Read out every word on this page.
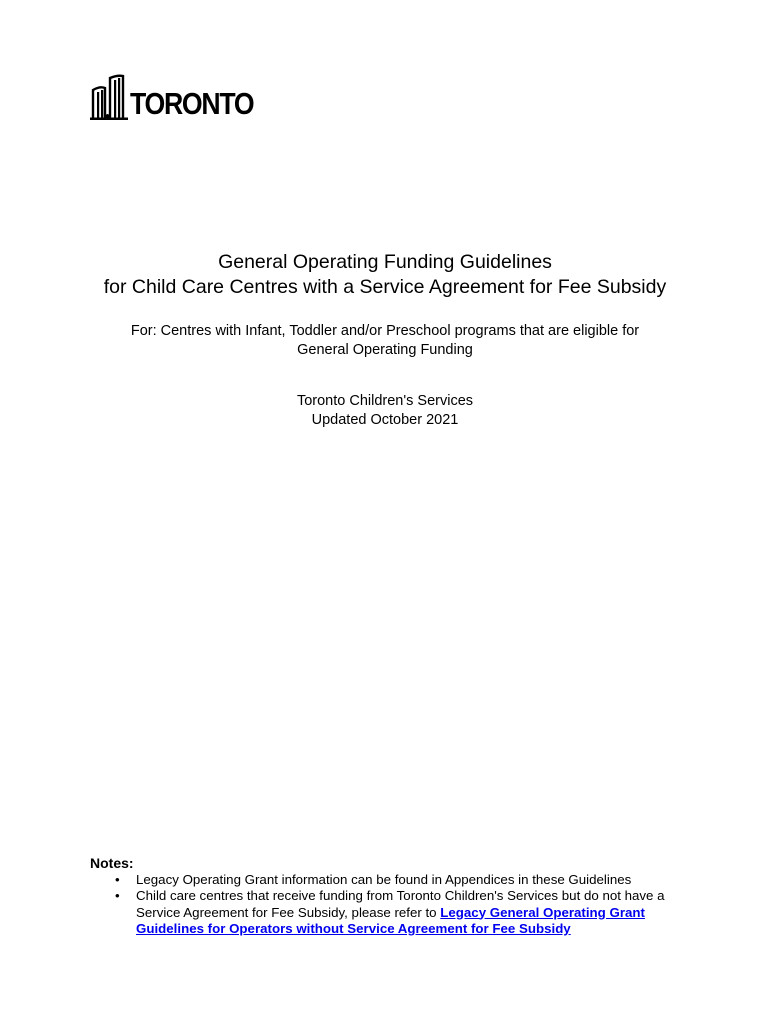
TORONTO

General Operating Funding Guidelines

for Child Care Centres with a Service Agreement for Fee Subsidy

For: Centres with Infant, Toddler and/or Preschool programs that are eligible for
General Operating Funding
Toronto Children's Services
Updated October 2021
Notes:
• Legacy Operating Grant information can be found in Appendices in these Guidelines
• Child care centres that receive funding from Toronto Children's Services but do not have a Service Agreement for Fee Subsidy, please refer to Legacy General Operating Grant Guidelines for Operators without Service Agreement for Fee Subsidy
